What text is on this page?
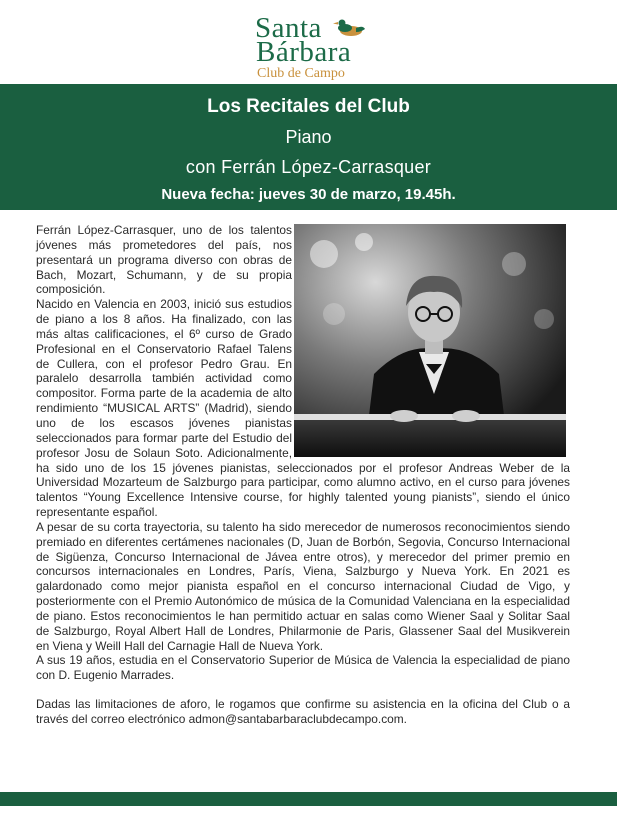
Santa
Bárbara
Club de Campo
Los Recitales del Club
Piano
con Ferrán López-Carrasquer
Nueva fecha: jueves 30 de marzo, 19.45h.

Ferrán López-Carrasquer, uno de los talentos jóvenes más prometedores del país, nos presentará un programa diverso con obras de Bach, Mozart, Schumann, y de su propia composición.

Nacido en Valencia en 2003, inició sus estudios de piano a los 8 años. Ha finalizado, con las más altas calificaciones, el 6º curso de Grado Profesional en el Conservatorio Rafael Talens de Cullera, con el profesor Pedro Grau. En paralelo desarrolla también actividad como compositor. Forma parte de la academia de alto rendimiento “MUSICAL ARTS” (Madrid), siendo uno de los escasos jóvenes pianistas seleccionados para formar parte del Estudio del profesor Josu de Solaun Soto. Adicionalmente, ha sido uno de los 15 jóvenes pianistas, seleccionados por el profesor Andreas Weber de la Universidad Mozarteum de Salzburgo para participar, como alumno activo, en el curso para jóvenes talentos “Young Excellence Intensive course, for highly talented young pianists”, siendo el único representante español.

A pesar de su corta trayectoria, su talento ha sido merecedor de numerosos reconocimientos siendo premiado en diferentes certámenes nacionales (D, Juan de Borbón, Segovia, Concurso Internacional de Sigüenza, Concurso Internacional de Jávea entre otros), y merecedor del primer premio en concursos internacionales en Londres, París, Viena, Salzburgo y Nueva York. En 2021 es galardonado como mejor pianista español en el concurso internacional Ciudad de Vigo, y posteriormente con el Premio Autonómico de música de la Comunidad Valenciana en la especialidad de piano. Estos reconocimientos le han permitido actuar en salas como Wiener Saal y Solitar Saal de Salzburgo, Royal Albert Hall de Londres, Philarmonie de Paris, Glassener Saal del Musikverein en Viena y Weill Hall del Carnagie Hall de Nueva York.

A sus 19 años, estudia en el Conservatorio Superior de Música de Valencia la especialidad de piano con D. Eugenio Marrades.

Dadas las limitaciones de aforo, le rogamos que confirme su asistencia en la oficina del Club o a través del correo electrónico admon@santabarbaraclubdecampo.com.
